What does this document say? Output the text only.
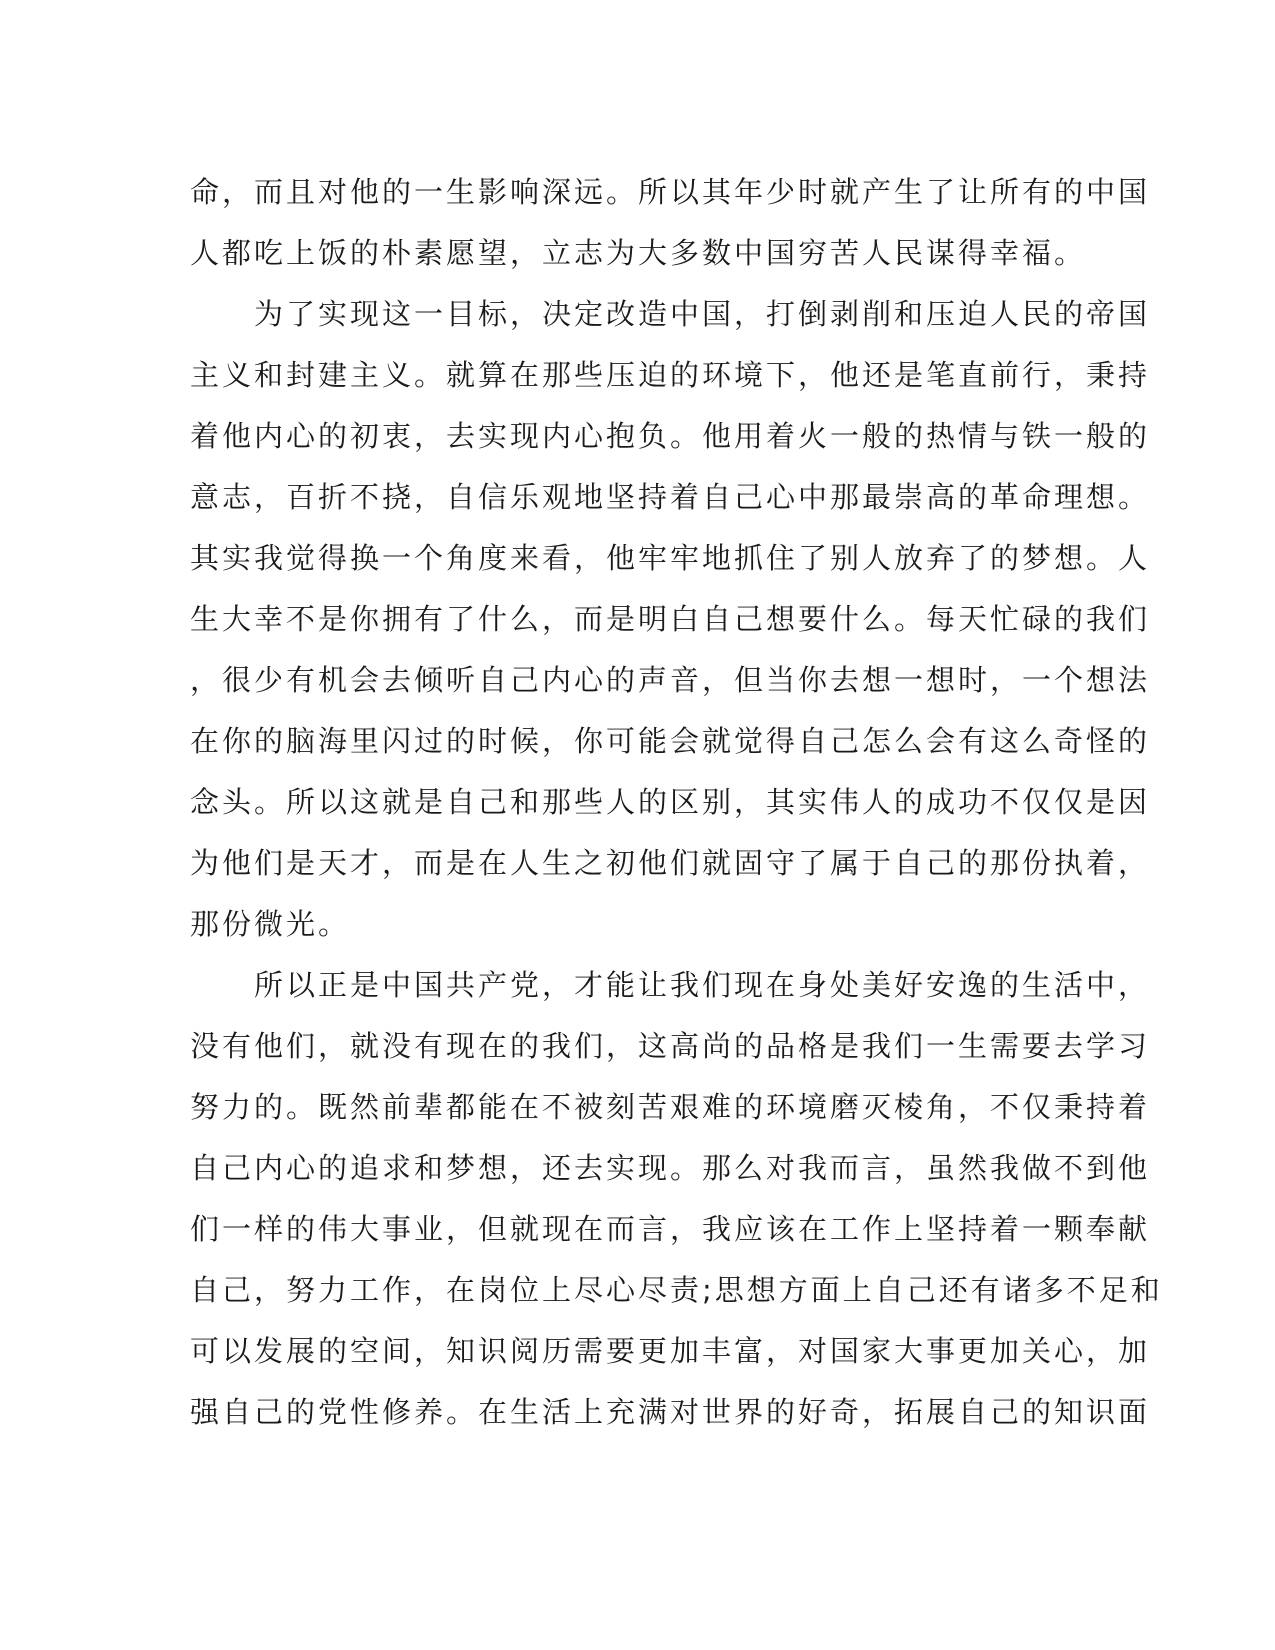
命，而且对他的一生影响深远。所以其年少时就产生了让所有的中国
人都吃上饭的朴素愿望，立志为大多数中国穷苦人民谋得幸福。
　　为了实现这一目标，决定改造中国，打倒剥削和压迫人民的帝国
主义和封建主义。就算在那些压迫的环境下，他还是笔直前行，秉持
着他内心的初衷，去实现内心抱负。他用着火一般的热情与铁一般的
意志，百折不挠，自信乐观地坚持着自己心中那最崇高的革命理想。
其实我觉得换一个角度来看，他牢牢地抓住了别人放弃了的梦想。人
生大幸不是你拥有了什么，而是明白自己想要什么。每天忙碌的我们
，很少有机会去倾听自己内心的声音，但当你去想一想时，一个想法
在你的脑海里闪过的时候，你可能会就觉得自己怎么会有这么奇怪的
念头。所以这就是自己和那些人的区别，其实伟人的成功不仅仅是因
为他们是天才，而是在人生之初他们就固守了属于自己的那份执着，
那份微光。
　　所以正是中国共产党，才能让我们现在身处美好安逸的生活中，
没有他们，就没有现在的我们，这高尚的品格是我们一生需要去学习
努力的。既然前辈都能在不被刻苦艰难的环境磨灭棱角，不仅秉持着
自己内心的追求和梦想，还去实现。那么对我而言，虽然我做不到他
们一样的伟大事业，但就现在而言，我应该在工作上坚持着一颗奉献
自己，努力工作，在岗位上尽心尽责;思想方面上自己还有诸多不足和
可以发展的空间，知识阅历需要更加丰富，对国家大事更加关心，加
强自己的党性修养。在生活上充满对世界的好奇，拓展自己的知识面
